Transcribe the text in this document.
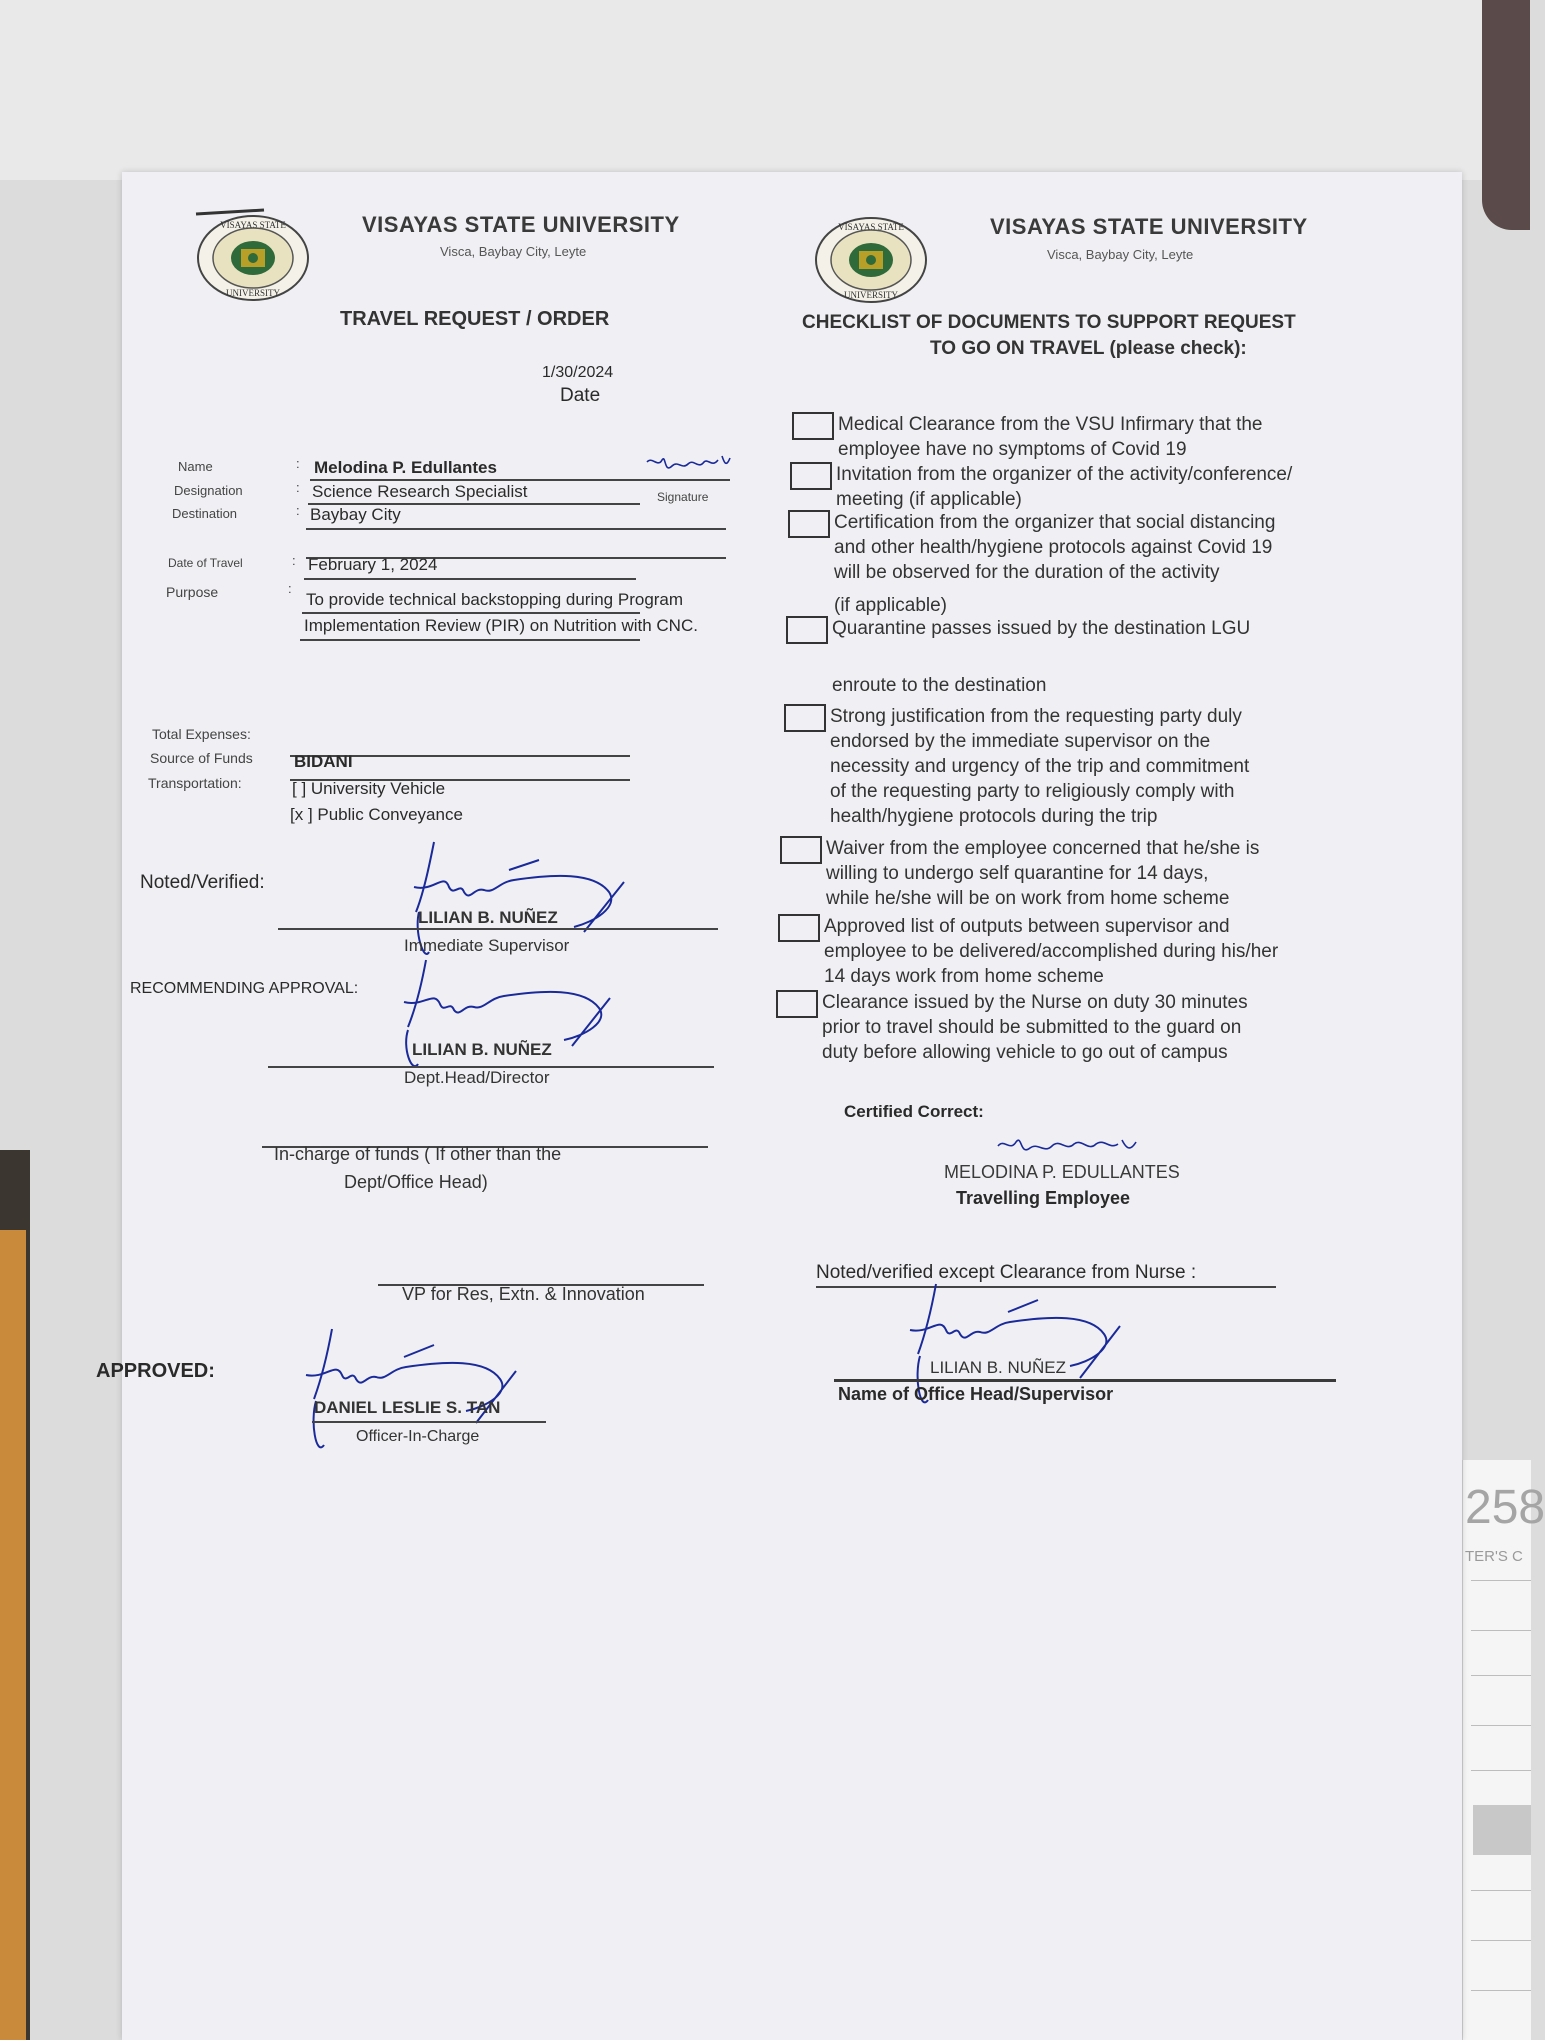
258
TER'S C
VISAYAS STATE
UNIVERSITY
VISAYAS STATE UNIVERSITY
Visca, Baybay City, Leyte
VISAYAS STATE
UNIVERSITY
VISAYAS STATE UNIVERSITY
Visca, Baybay City, Leyte
TRAVEL REQUEST / ORDER
1/30/2024
Date
CHECKLIST OF DOCUMENTS TO SUPPORT REQUEST
TO GO ON TRAVEL (please check):
Name	: Melodina P. Edullantes
Signature
Designation	: Science Research Specialist
Destination	: Baybay City
Date of Travel	: February 1, 2024
Purpose	:
To provide technical backstopping during Program
Implementation Review (PIR) on Nutrition with CNC.
Total Expenses:
Source of Funds BIDANI
Transportation:	[ ] University Vehicle
[x ] Public Conveyance
Noted/Verified:
LILIAN B. NUÑEZ
Immediate Supervisor
RECOMMENDING APPROVAL:
LILIAN B. NUÑEZ
Dept.Head/Director
In-charge of funds ( If other than the
Dept/Office Head)
VP for Res, Extn. & Innovation
APPROVED:
DANIEL LESLIE S. TAN
Officer-In-Charge
Medical Clearance from the VSU Infirmary that the
employee have no symptoms of Covid 19
Invitation from the organizer of the activity/conference/
meeting (if applicable)
Certification from the organizer that social distancing
and other health/hygiene protocols against Covid 19
will be observed for the duration of the activity
(if applicable)
Quarantine passes issued by the destination LGU
enroute to the destination
Strong justification from the requesting party duly
endorsed by the immediate supervisor on the
necessity and urgency of the trip and commitment
of the requesting party to religiously comply with
health/hygiene protocols during the trip
Waiver from the employee concerned that he/she is
willing to undergo self quarantine for 14 days,
while he/she will be on work from home scheme
Approved list of outputs between supervisor and
employee to be delivered/accomplished during his/her
14 days work from home scheme
Clearance issued by the Nurse on duty 30 minutes
prior to travel should be submitted to the guard on
duty before allowing vehicle to go out of campus
Certified Correct:
MELODINA P. EDULLANTES
Travelling Employee
Noted/verified except Clearance from Nurse :
LILIAN B. NUÑEZ
Name of Office Head/Supervisor
